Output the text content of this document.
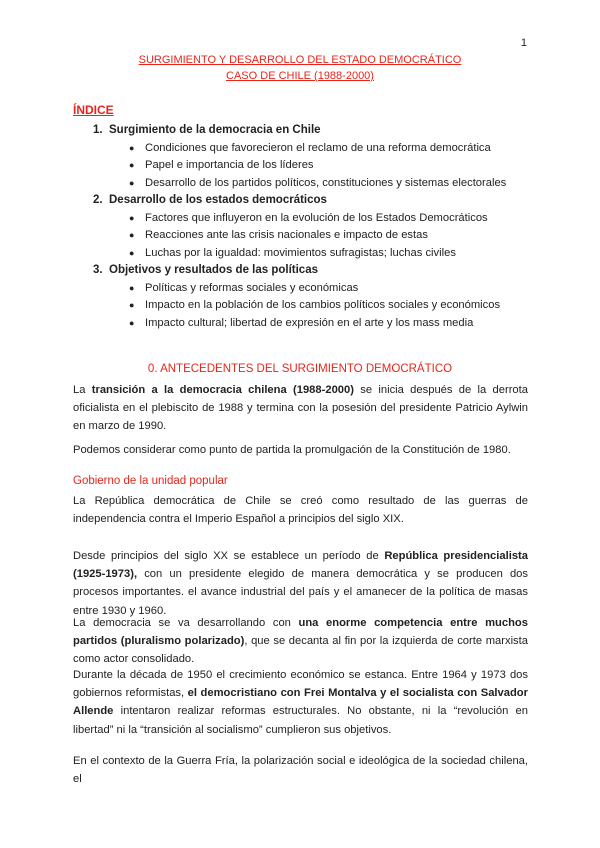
1
SURGIMIENTO Y DESARROLLO DEL ESTADO DEMOCRÁTICO
CASO DE CHILE (1988-2000)
ÍNDICE
1. Surgimiento de la democracia en Chile
● Condiciones que favorecieron el reclamo de una reforma democrática
● Papel e importancia de los líderes
● Desarrollo de los partidos políticos, constituciones y sistemas electorales
2. Desarrollo de los estados democráticos
● Factores que influyeron en la evolución de los Estados Democráticos
● Reacciones ante las crisis nacionales e impacto de estas
● Luchas por la igualdad: movimientos sufragistas; luchas civiles
3. Objetivos y resultados de las políticas
● Políticas y reformas sociales y económicas
● Impacto en la población de los cambios políticos sociales y económicos
● Impacto cultural; libertad de expresión en el arte y los mass media
0. ANTECEDENTES DEL SURGIMIENTO DEMOCRÁTICO

La transición a la democracia chilena (1988-2000) se inicia después de la derrota oficialista en el plebiscito de 1988 y termina con la posesión del presidente Patricio Aylwin en marzo de 1990.

Podemos considerar como punto de partida la promulgación de la Constitución de 1980.

Gobierno de la unidad popular

La República democrática de Chile se creó como resultado de las guerras de independencia contra el Imperio Español a principios del siglo XIX.

Desde principios del siglo XX se establece un período de República presidencialista (1925-1973), con un presidente elegido de manera democrática y se producen dos procesos importantes. el avance industrial del país y el amanecer de la política de masas entre 1930 y 1960.

La democracia se va desarrollando con una enorme competencia entre muchos partidos (pluralismo polarizado), que se decanta al fin por la izquierda de corte marxista como actor consolidado.

Durante la década de 1950 el crecimiento económico se estanca. Entre 1964 y 1973 dos gobiernos reformistas, el democristiano con Frei Montalva y el socialista con Salvador Allende intentaron realizar reformas estructurales. No obstante, ni la “revolución en libertad” ni la “transición al socialismo” cumplieron sus objetivos.

En el contexto de la Guerra Fría, la polarización social e ideológica de la sociedad chilena, el
